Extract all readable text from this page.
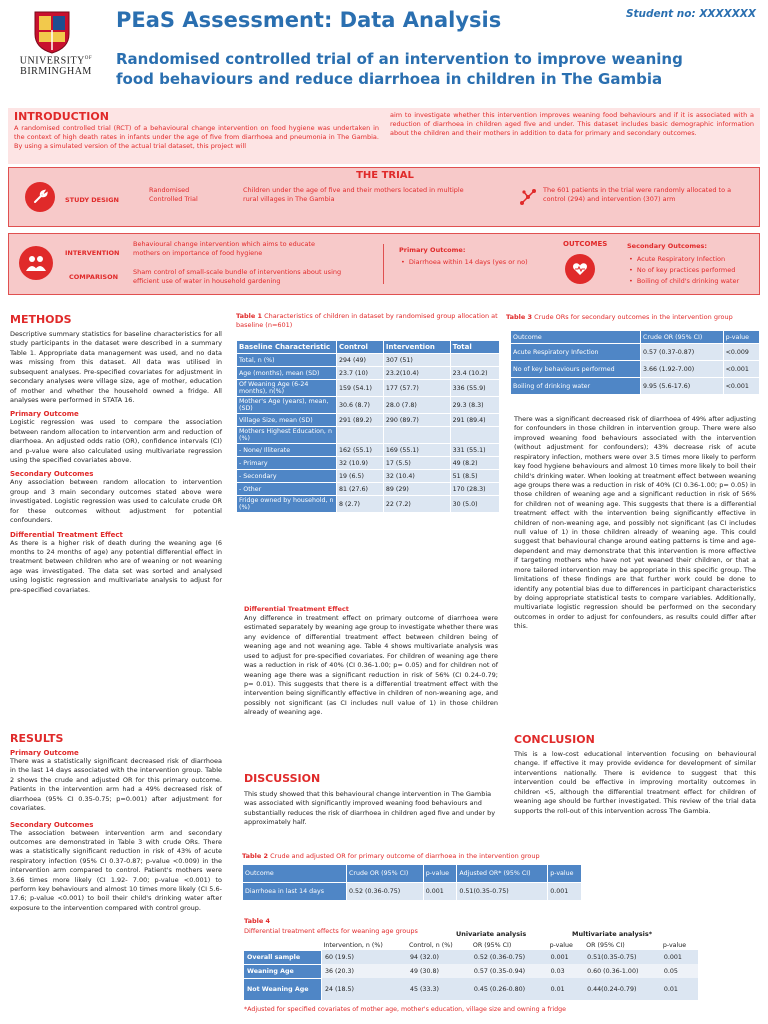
$UNIVERSITY^{OF}$
BIRMINGHAM
PEaS Assessment: Data Analysis	Student no: XXXXXXX
Randomised controlled trial of an intervention to improve weaning
food behaviours and reduce diarrhoea in children in The Gambia
INTRODUCTION
A randomised controlled trial (RCT) of a behavioural change intervention on food hygiene was undertaken in the context of high death rates in infants under the age of five from diarrhoea and pneumonia in The Gambia. By using a simulated version of the actual trial dataset, this project will
aim to investigate whether this intervention improves weaning food behaviours and if it is associated with a reduction of diarrhoea in children aged five and under. This dataset includes basic demographic information about the children and their mothers in addition to data for primary and secondary outcomes.
THE TRIAL
STUDY DESIGN
Randomised Controlled Trial
Children under the age of five and their mothers located in multiple rural villages in The Gambia
The 601 patients in the trial were randomly allocated to a control (294) and intervention (307) arm
INTERVENTION
Behavioural change intervention which aims to educate mothers on importance of food hygiene
COMPARISON
Sham control of small-scale bundle of interventions about using efficient use of water in household gardening
Primary Outcome:
• Diarrhoea within 14 days (yes or no)
OUTCOMES	Secondary Outcomes:
• Acute Respiratory Infection
• No of key practices performed
• Boiling of child's drinking water
METHODS
Descriptive summary statistics for baseline characteristics for all study participants in the dataset were described in a summary Table 1. Appropriate data management was used, and no data was missing from this dataset. All data was utilised in subsequent analyses. Pre-specified covariates for adjustment in secondary analyses were village size, age of mother, education of mother and whether the household owned a fridge. All analyses were performed in STATA 16.
Primary Outcome
Logistic regression was used to compare the association between random allocation to intervention arm and reduction of diarrhoea. An adjusted odds ratio (OR), confidence intervals (CI) and p-value were also calculated using multivariate regression using the specified covariates above.
Secondary Outcomes
Any association between random allocation to intervention group and 3 main secondary outcomes stated above were investigated. Logistic regression was used to calculate crude OR for these outcomes without adjustment for potential confounders.
Differential Treatment Effect
As there is a higher risk of death during the weaning age (6 months to 24 months of age) any potential differential effect in treatment between children who are of weaning or not weaning age was investigated. The data set was sorted and analysed using logistic regression and multivariate analysis to adjust for pre-specified covariates.
RESULTS
Primary Outcome
There was a statistically significant decreased risk of diarrhoea in the last 14 days associated with the intervention group. Table 2 shows the crude and adjusted OR for this primary outcome. Patients in the intervention arm had a 49% decreased risk of diarrhoea (95% CI 0.35-0.75; p=0.001) after adjustment for covariates.
Secondary Outcomes
The association between intervention arm and secondary outcomes are demonstrated in Table 3 with crude ORs. There was a statistically significant reduction in risk of 43% of acute respiratory infection (95% CI 0.37-0.87; p-value <0.009) in the intervention arm compared to control. Patient's mothers were 3.66 times more likely (CI 1.92- 7.00; p-value <0.001) to perform key behaviours and almost 10 times more likely (CI 5.6-17.6; p-value <0.001) to boil their child's drinking water after exposure to the intervention compared with control group.
Table 1 Characteristics of children in dataset by randomised group allocation at baseline (n=601)
Baseline Characteristic	Control	Intervention	Total
Total, n (%)	294 (49)	307 (51)	
Age (months), mean (SD)	23.7 (10)	23.2(10.4)	23.4 (10.2)
Of Weaning Age (6-24 months), n(%)	159 (54.1)	177 (57.7)	336 (55.9)
Mother's Age (years), mean, (SD)	30.6 (8.7)	28.0 (7.8)	29.3 (8.3)
Village Size, mean (SD)	291 (89.2)	290 (89.7)	291 (89.4)
Mothers Highest Education, n (%)			
- None/ Illiterate	162 (55.1)	169 (55.1)	331 (55.1)
- Primary	32 (10.9)	17 (5.5)	49 (8.2)
- Secondary	19 (6.5)	32 (10.4)	51 (8.5)
- Other	81 (27.6)	89 (29)	170 (28.3)
Fridge owned by household, n (%)	8 (2.7)	22 (7.2)	30 (5.0)
Differential Treatment Effect
Any difference in treatment effect on primary outcome of diarrhoea were estimated separately by weaning age group to investigate whether there was any evidence of differential treatment effect between children being of weaning age and not weaning age. Table 4 shows multivariate analysis was used to adjust for pre-specified covariates. For children of weaning age there was a reduction in risk of 40% (CI 0.36-1.00; p= 0.05) and for children not of weaning age there was a significant reduction in risk of 56% (CI 0.24-0.79; p= 0.01). This suggests that there is a differential treatment effect with the intervention being significantly effective in children of non-weaning age, and possibly not significant (as CI includes null value of 1) in those children already of weaning age.
DISCUSSION
This study showed that this behavioural change intervention in The Gambia was associated with significantly improved weaning food behaviours and substantially reduces the risk of diarrhoea in children aged five and under by approximately half.
Table 2 Crude and adjusted OR for primary outcome of diarrhoea in the intervention group
Outcome	Crude OR (95% CI)	p-value	Adjusted OR* (95% CI)	p-value
Diarrhoea in last 14 days	0.52 (0.36-0.75)	0.001	0.51(0.35-0.75)	0.001
Table 4
Differential treatment effects for weaning age groups	Univariate analysis	Multivariate analysis*
	Intervention, n (%)	Control, n (%)	OR (95% CI)	p-value	OR (95% CI)	p-value
Overall sample	60 (19.5)	94 (32.0)	0.52 (0.36-0.75)	0.001	0.51(0.35-0.75)	0.001
Weaning Age	36 (20.3)	49 (30.8)	0.57 (0.35-0.94)	0.03	0.60 (0.36-1.00)	0.05
Not Weaning Age	24 (18.5)	45 (33.3)	0.45 (0.26-0.80)	0.01	0.44(0.24-0.79)	0.01
*Adjusted for specified covariates of mother age, mother's education, village size and owning a fridge
Table 3 Crude ORs for secondary outcomes in the intervention group
Outcome	Crude OR (95% CI)	p-value
Acute Respiratory Infection	0.57 (0.37-0.87)	<0.009
No of key behaviours performed	3.66 (1.92-7.00)	<0.001
Boiling of drinking water	9.95 (5.6-17.6)	<0.001
There was a significant decreased risk of diarrhoea of 49% after adjusting for confounders in those children in intervention group. There were also improved weaning food behaviours associated with the intervention (without adjustment for confounders); 43% decrease risk of acute respiratory infection, mothers were over 3.5 times more likely to perform key food hygiene behaviours and almost 10 times more likely to boil their child's drinking water. When looking at treatment effect between weaning age groups there was a reduction in risk of 40% (CI 0.36-1.00; p= 0.05) in those children of weaning age and a significant reduction in risk of 56% for children not of weaning age. This suggests that there is a differential treatment effect with the intervention being significantly effective in children of non-weaning age, and possibly not significant (as CI includes null value of 1) in those children already of weaning age. This could suggest that behavioural change around eating patterns is time and age-dependent and may demonstrate that this intervention is more effective if targeting mothers who have not yet weaned their children, or that a more tailored intervention may be appropriate in this specific group. The limitations of these findings are that further work could be done to identify any potential bias due to differences in participant characteristics by doing appropriate statistical tests to compare variables. Additionally, multivariate logistic regression should be performed on the secondary outcomes in order to adjust for confounders, as results could differ after this.
CONCLUSION
This is a low-cost educational intervention focusing on behavioural change. If effective it may provide evidence for development of similar interventions nationally. There is evidence to suggest that this intervention could be effective in improving mortality outcomes in children <5, although the differential treatment effect for children of weaning age should be further investigated. This review of the trial data supports the roll-out of this intervention across The Gambia.
